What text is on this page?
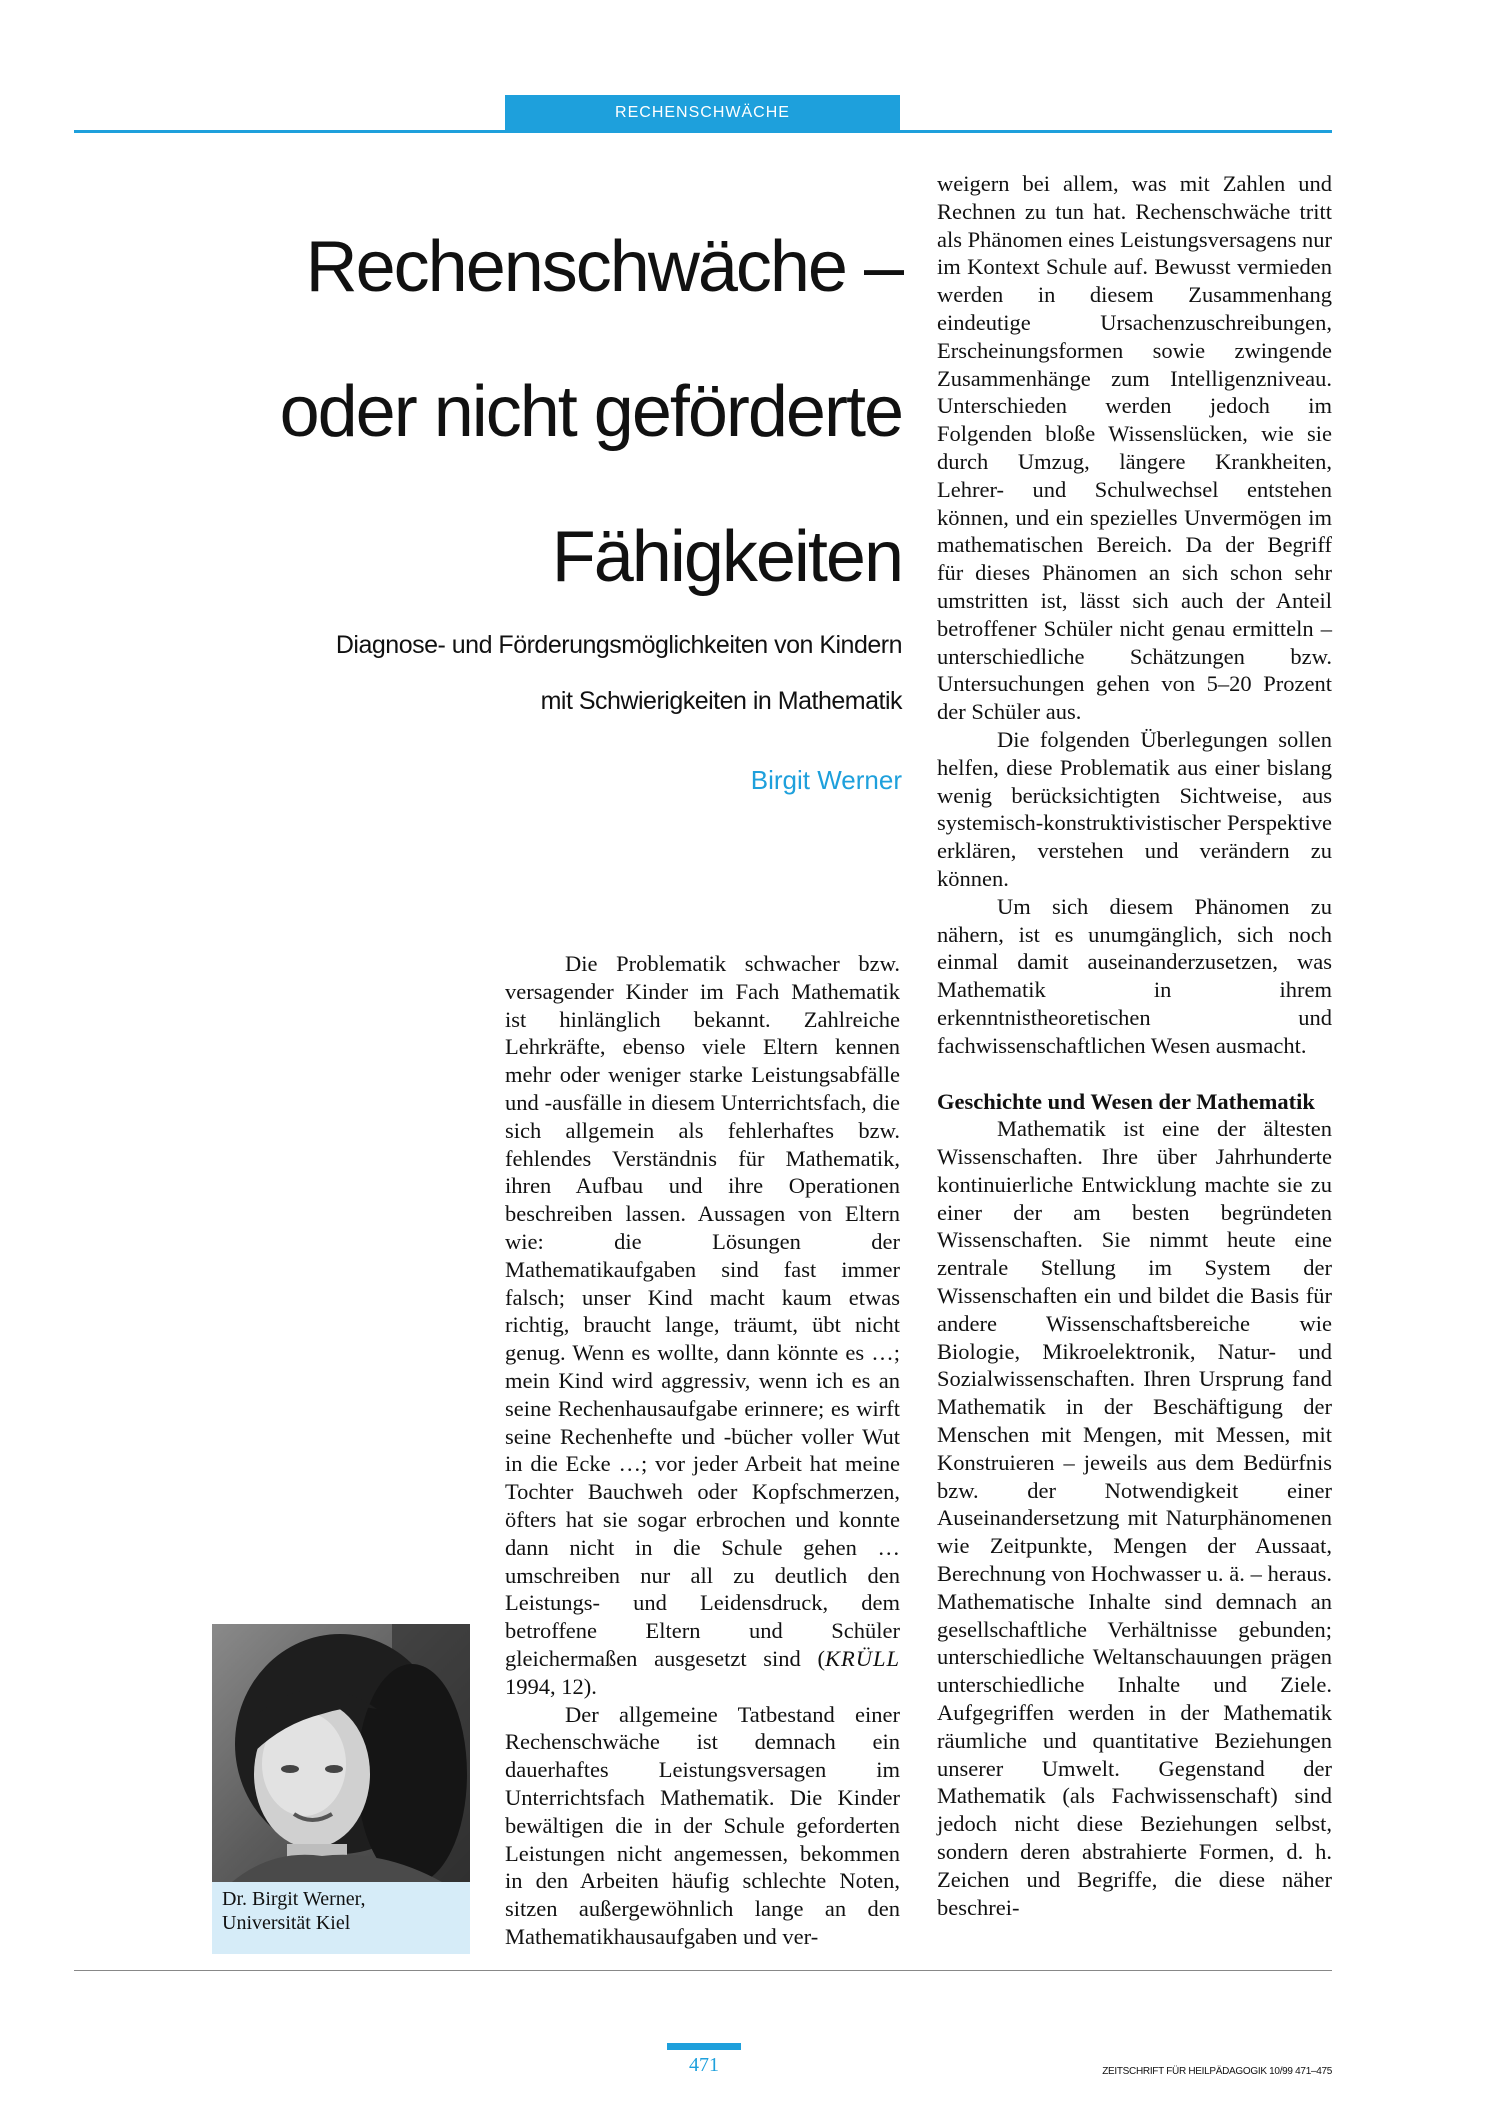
RECHENSCHWÄCHE
Rechenschwäche –
oder nicht geförderte
Fähigkeiten
Diagnose- und Förderungsmöglichkeiten von Kindern
mit Schwierigkeiten in Mathematik
Birgit Werner
Dr. Birgit Werner,
Universität Kiel

Die Problematik schwacher bzw. versagender Kinder im Fach Mathematik ist hinlänglich bekannt. Zahlreiche Lehrkräfte, ebenso viele Eltern kennen mehr oder weniger starke Leistungsabfälle und -ausfälle in diesem Unterrichtsfach, die sich allgemein als fehlerhaftes bzw. fehlendes Verständnis für Mathematik, ihren Aufbau und ihre Operationen beschreiben lassen. Aussagen von Eltern wie: die Lösungen der Mathematikaufgaben sind fast immer falsch; unser Kind macht kaum etwas richtig, braucht lange, träumt, übt nicht genug. Wenn es wollte, dann könnte es …; mein Kind wird aggressiv, wenn ich es an seine Rechenhausaufgabe erinnere; es wirft seine Rechenhefte und -bücher voller Wut in die Ecke …; vor jeder Arbeit hat meine Tochter Bauchweh oder Kopfschmerzen, öfters hat sie sogar erbrochen und konnte dann nicht in die Schule gehen … umschreiben nur all zu deutlich den Leistungs- und Leidensdruck, dem betroffene Eltern und Schüler gleichermaßen ausgesetzt sind (KRÜLL 1994, 12).

Der allgemeine Tatbestand einer Rechenschwäche ist demnach ein dauerhaftes Leistungsversagen im Unterrichtsfach Mathematik. Die Kinder bewältigen die in der Schule geforderten Leistungen nicht angemessen, bekommen in den Arbeiten häufig schlechte Noten, sitzen außergewöhnlich lange an den Mathematikhausaufgaben und ver-

weigern bei allem, was mit Zahlen und Rechnen zu tun hat. Rechenschwäche tritt als Phänomen eines Leistungsversagens nur im Kontext Schule auf. Bewusst vermieden werden in diesem Zusammenhang eindeutige Ursachenzuschreibungen, Erscheinungsformen sowie zwingende Zusammenhänge zum Intelligenzniveau. Unterschieden werden jedoch im Folgenden bloße Wissenslücken, wie sie durch Umzug, längere Krankheiten, Lehrer- und Schulwechsel entstehen können, und ein spezielles Unvermögen im mathematischen Bereich. Da der Begriff für dieses Phänomen an sich schon sehr umstritten ist, lässt sich auch der Anteil betroffener Schüler nicht genau ermitteln – unterschiedliche Schätzungen bzw. Untersuchungen gehen von 5–20 Prozent der Schüler aus.

Die folgenden Überlegungen sollen helfen, diese Problematik aus einer bislang wenig berücksichtigten Sichtweise, aus systemisch-konstruktivistischer Perspektive erklären, verstehen und verändern zu können.

Um sich diesem Phänomen zu nähern, ist es unumgänglich, sich noch einmal damit auseinanderzusetzen, was Mathematik in ihrem erkenntnistheoretischen und fachwissenschaftlichen Wesen ausmacht.

Geschichte und Wesen der Mathematik

Mathematik ist eine der ältesten Wissenschaften. Ihre über Jahrhunderte kontinuierliche Entwicklung machte sie zu einer der am besten begründeten Wissenschaften. Sie nimmt heute eine zentrale Stellung im System der Wissenschaften ein und bildet die Basis für andere Wissenschaftsbereiche wie Biologie, Mikroelektronik, Natur- und Sozialwissenschaften. Ihren Ursprung fand Mathematik in der Beschäftigung der Menschen mit Mengen, mit Messen, mit Konstruieren – jeweils aus dem Bedürfnis bzw. der Notwendigkeit einer Auseinandersetzung mit Naturphänomenen wie Zeitpunkte, Mengen der Aussaat, Berechnung von Hochwasser u. ä. – heraus. Mathematische Inhalte sind demnach an gesellschaftliche Verhältnisse gebunden; unterschiedliche Weltanschauungen prägen unterschiedliche Inhalte und Ziele. Aufgegriffen werden in der Mathematik räumliche und quantitative Beziehungen unserer Umwelt. Gegenstand der Mathematik (als Fachwissenschaft) sind jedoch nicht diese Beziehungen selbst, sondern deren abstrahierte Formen, d. h. Zeichen und Begriffe, die diese näher beschrei-

471	ZEITSCHRIFT FÜR HEILPÄDAGOGIK 10/99 471–475
